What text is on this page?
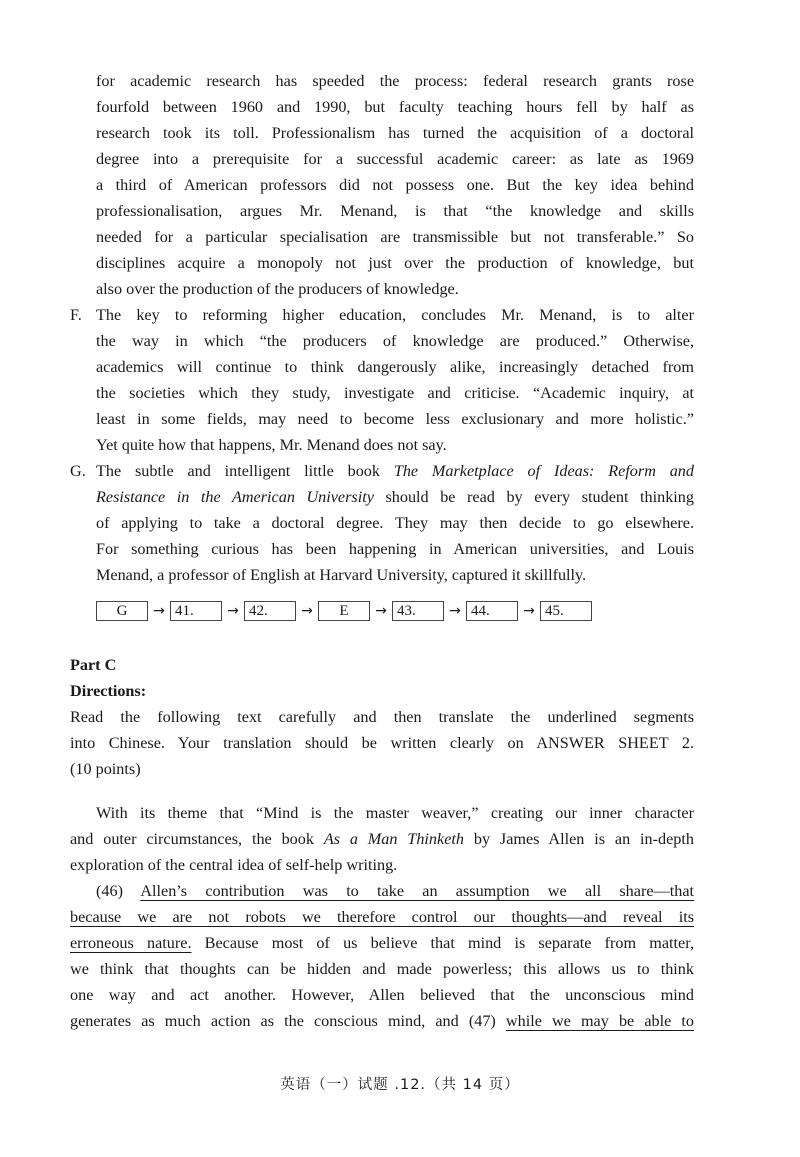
for academic research has speeded the process: federal research grants rose
fourfold between 1960 and 1990, but faculty teaching hours fell by half as
research took its toll. Professionalism has turned the acquisition of a doctoral
degree into a prerequisite for a successful academic career: as late as 1969
a third of American professors did not possess one. But the key idea behind
professionalisation, argues Mr. Menand, is that “the knowledge and skills
needed for a particular specialisation are transmissible but not transferable.” So
disciplines acquire a monopoly not just over the production of knowledge, but
also over the production of the producers of knowledge.
F. The key to reforming higher education, concludes Mr. Menand, is to alter
the way in which “the producers of knowledge are produced.” Otherwise,
academics will continue to think dangerously alike, increasingly detached from
the societies which they study, investigate and criticise. “Academic inquiry, at
least in some fields, may need to become less exclusionary and more holistic.”
Yet quite how that happens, Mr. Menand does not say.
G. The subtle and intelligent little book The Marketplace of Ideas: Reform and
Resistance in the American University should be read by every student thinking
of applying to take a doctoral degree. They may then decide to go elsewhere.
For something curious has been happening in American universities, and Louis
Menand, a professor of English at Harvard University, captured it skillfully.
G	→ 41.	→ 42.	→	E	→ 43.	→ 44.	→ 45.
Part C
Directions:
Read the following text carefully and then translate the underlined segments
into Chinese. Your translation should be written clearly on ANSWER SHEET 2.
(10 points)
With its theme that “Mind is the master weaver,” creating our inner character
and outer circumstances, the book As a Man Thinketh by James Allen is an in-depth
exploration of the central idea of self-help writing.
(46) Allen’s contribution was to take an assumption we all share—that
because we are not robots we therefore control our thoughts—and reveal its
erroneous nature. Because most of us believe that mind is separate from matter,
we think that thoughts can be hidden and made powerless; this allows us to think
one way and act another. However, Allen believed that the unconscious mind
generates as much action as the conscious mind, and (47) while we may be able to
英语（一）试题 .12.（共 14 页）
